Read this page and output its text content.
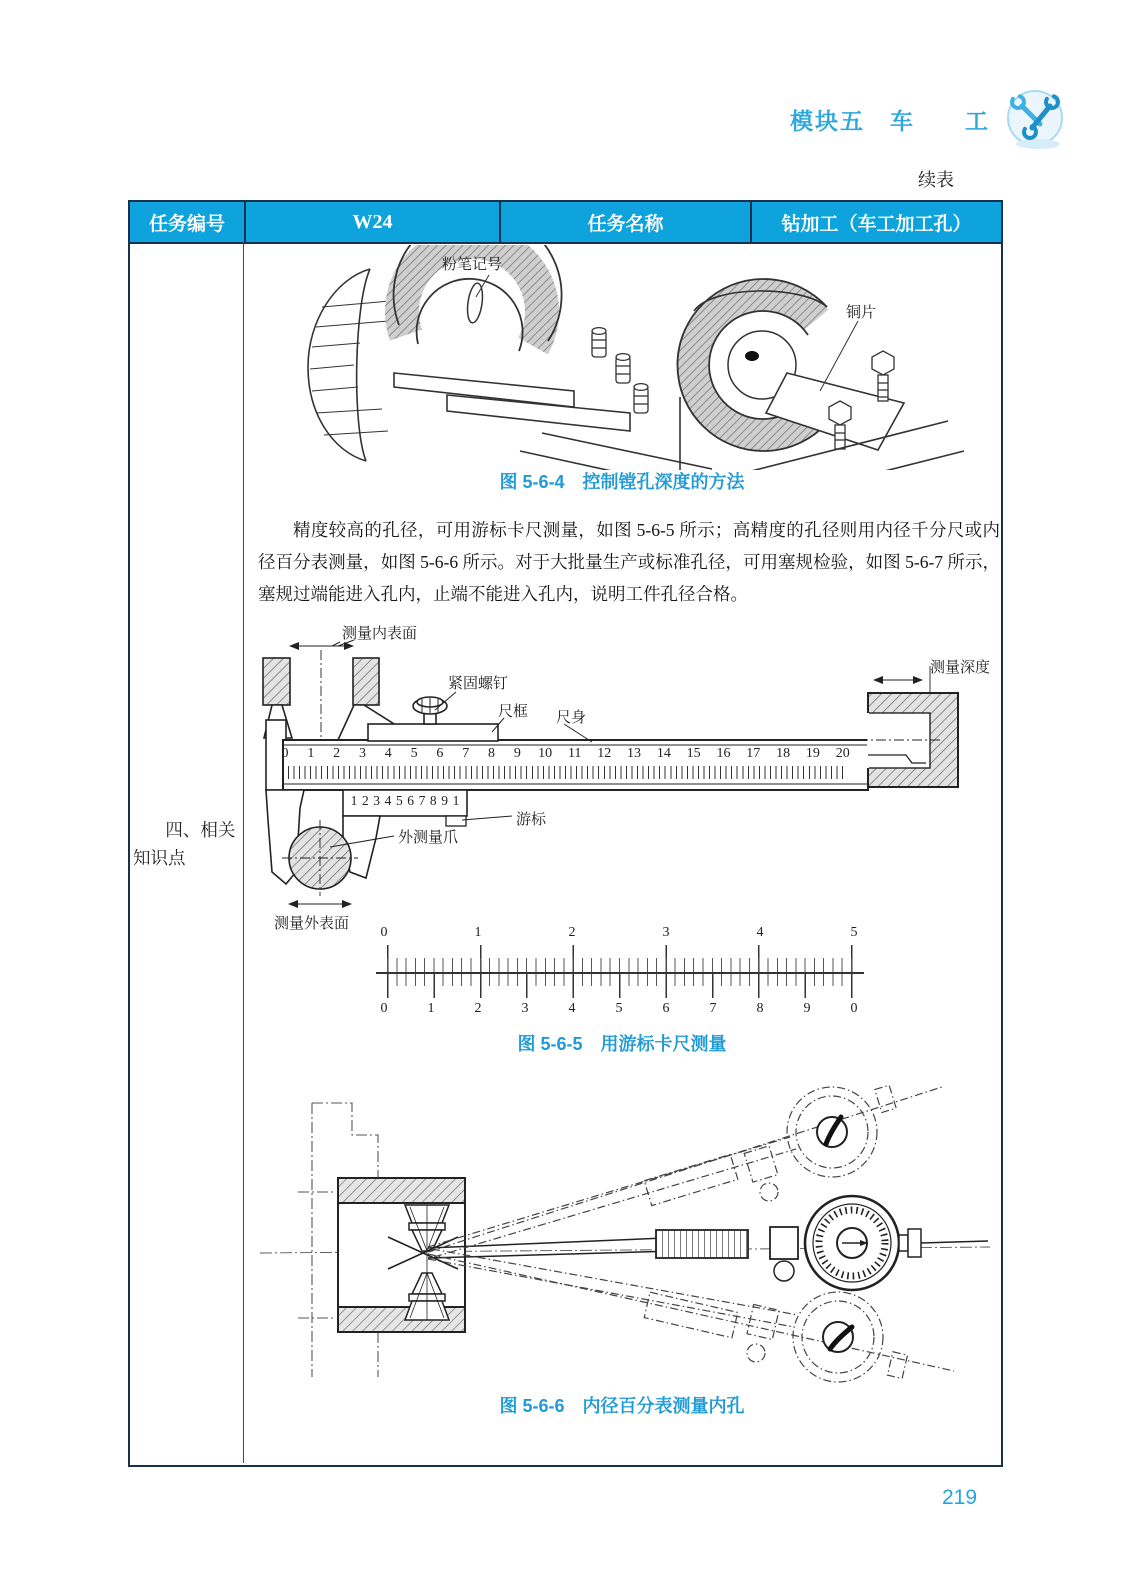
模块五　车　　工
续表
任务编号	W24	任务名称	钻加工（车工加工孔）
四、相关知识点
粉笔记号
铜片
图 5-6-4　控制镗孔深度的方法
精度较高的孔径，可用游标卡尺测量，如图 5-6-5 所示；高精度的孔径则用内径千分尺或内径百分表测量，如图 5-6-6 所示。对于大批量生产或标准孔径，可用塞规检验，如图 5-6-7 所示，塞规过端能进入孔内，止端不能进入孔内，说明工件孔径合格。
0 1 2 3 4 5 6 7 8 9 10 11 12 13 14 15 16 17 18 19 20
1 2 3 4 5 6 7 8 9 1
测量内表面
紧固螺钉
尺框 尺身
测量深度
游标
外测量爪
测量外表面
0	1	2	3	4	5
0	1	2	3	4	5	6	7	8	9	0
图 5-6-5　用游标卡尺测量
图 5-6-6　内径百分表测量内孔
219
